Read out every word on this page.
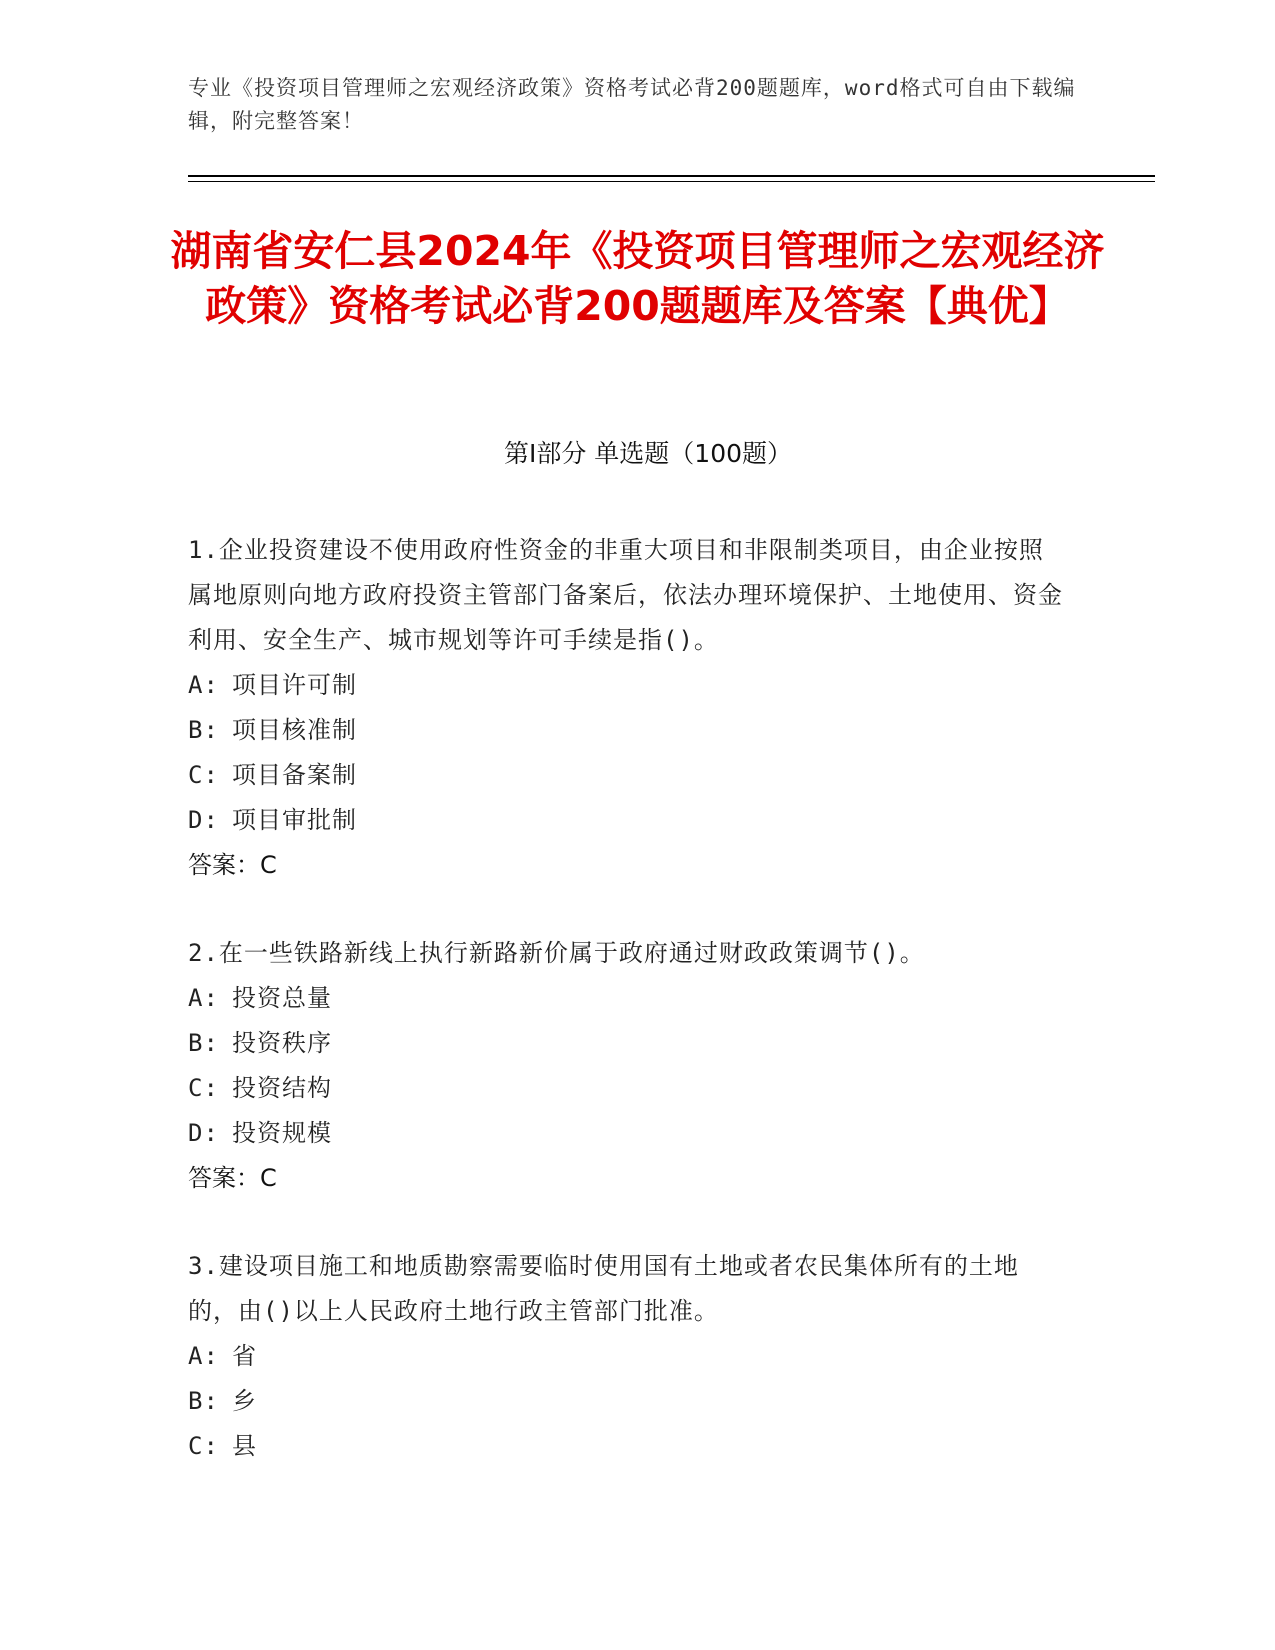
专业《投资项目管理师之宏观经济政策》资格考试必背200题题库，word格式可自由下载编辑，附完整答案！
湖南省安仁县2024年《投资项目管理师之宏观经济政策》资格考试必背200题题库及答案【典优】
第I部分 单选题（100题）
1.企业投资建设不使用政府性资金的非重大项目和非限制类项目，由企业按照属地原则向地方政府投资主管部门备案后，依法办理环境保护、土地使用、资金利用、安全生产、城市规划等许可手续是指()。
A: 项目许可制
B: 项目核准制
C: 项目备案制
D: 项目审批制
答案：C
2.在一些铁路新线上执行新路新价属于政府通过财政政策调节()。
A: 投资总量
B: 投资秩序
C: 投资结构
D: 投资规模
答案：C
3.建设项目施工和地质勘察需要临时使用国有土地或者农民集体所有的土地的，由()以上人民政府土地行政主管部门批准。
A: 省
B: 乡
C: 县
